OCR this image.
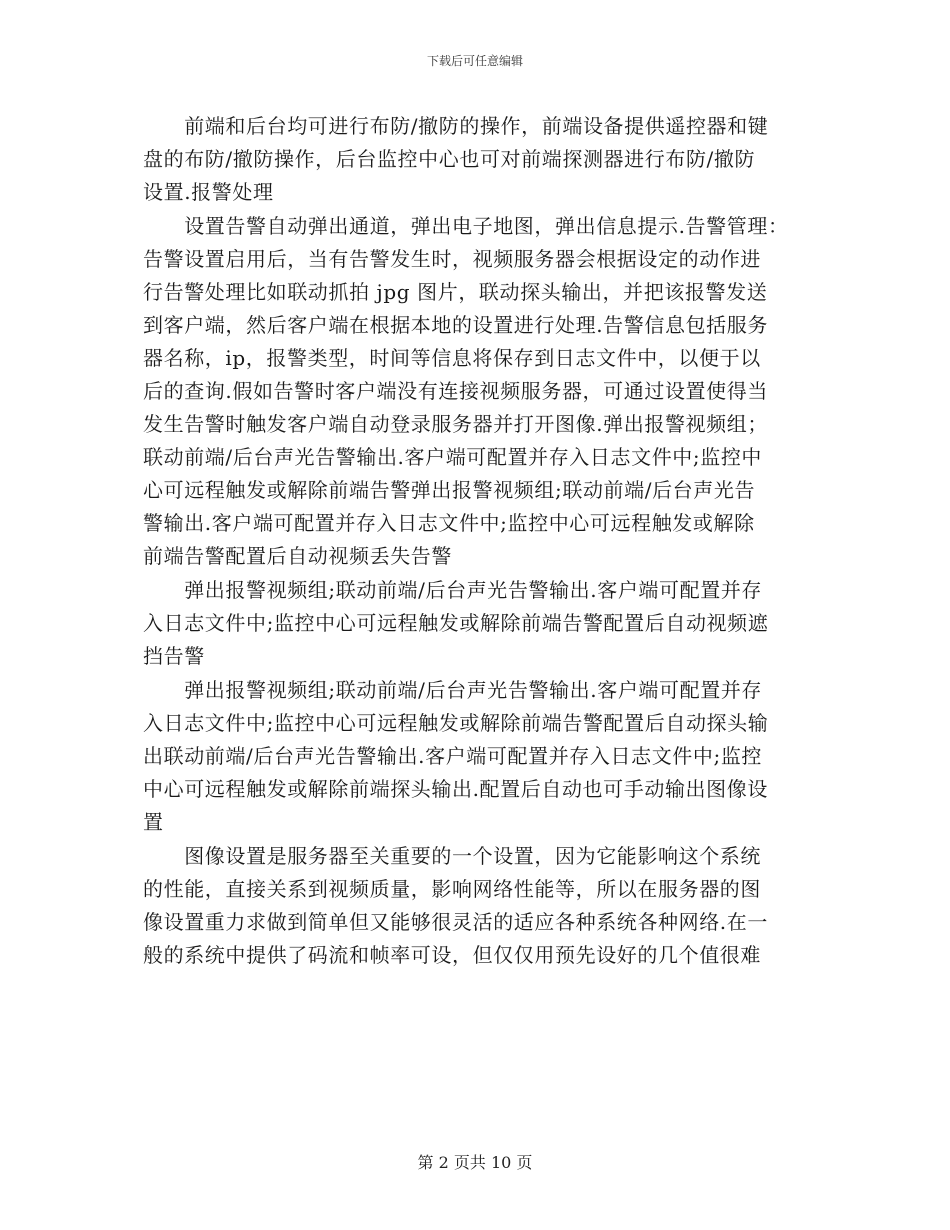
下载后可任意编辑
　　前端和后台均可进行布防/撤防的操作，前端设备提供遥控器和键
盘的布防/撤防操作，后台监控中心也可对前端探测器进行布防/撤防
设置.报警处理
　　设置告警自动弹出通道，弹出电子地图，弹出信息提示.告警管理：
告警设置启用后，当有告警发生时，视频服务器会根据设定的动作进
行告警处理比如联动抓拍 jpg 图片，联动探头输出，并把该报警发送
到客户端，然后客户端在根据本地的设置进行处理.告警信息包括服务
器名称，ip，报警类型，时间等信息将保存到日志文件中，以便于以
后的查询.假如告警时客户端没有连接视频服务器，可通过设置使得当
发生告警时触发客户端自动登录服务器并打开图像.弹出报警视频组；
联动前端/后台声光告警输出.客户端可配置并存入日志文件中;监控中
心可远程触发或解除前端告警弹出报警视频组;联动前端/后台声光告
警输出.客户端可配置并存入日志文件中;监控中心可远程触发或解除
前端告警配置后自动视频丢失告警
　　弹出报警视频组;联动前端/后台声光告警输出.客户端可配置并存
入日志文件中;监控中心可远程触发或解除前端告警配置后自动视频遮
挡告警
　　弹出报警视频组;联动前端/后台声光告警输出.客户端可配置并存
入日志文件中;监控中心可远程触发或解除前端告警配置后自动探头输
出联动前端/后台声光告警输出.客户端可配置并存入日志文件中;监控
中心可远程触发或解除前端探头输出.配置后自动也可手动输出图像设
置
　　图像设置是服务器至关重要的一个设置，因为它能影响这个系统
的性能，直接关系到视频质量，影响网络性能等，所以在服务器的图
像设置重力求做到简单但又能够很灵活的适应各种系统各种网络.在一
般的系统中提供了码流和帧率可设，但仅仅用预先设好的几个值很难
第 2 页共 10 页
